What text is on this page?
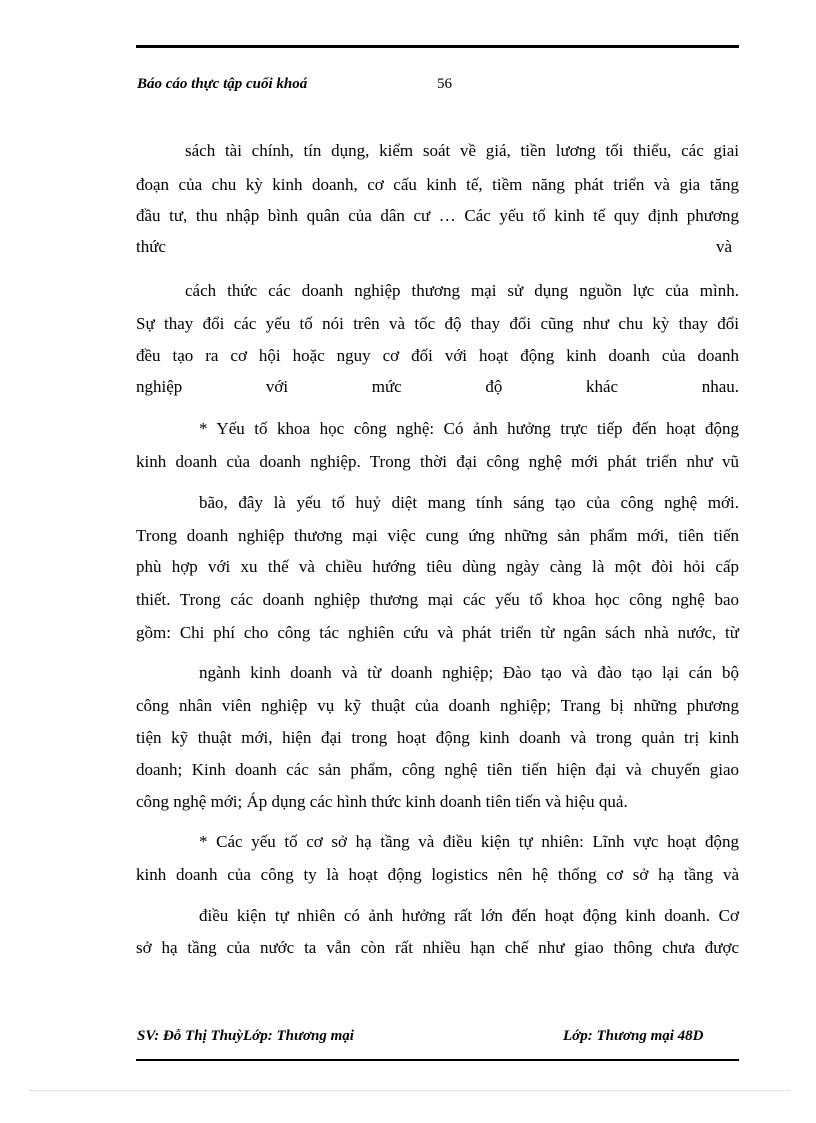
Báo cáo thực tập cuối khoá	56
sách tài chính, tín dụng, kiểm soát về giá, tiền lương tối thiểu, các giai
đoạn của chu kỳ kinh doanh, cơ cấu kinh tế, tiềm năng phát triển và gia tăng
đầu tư, thu nhập bình quân của dân cư … Các yếu tố kinh tế quy định phương
thức	và
cách thức các doanh nghiệp thương mại sử dụng nguồn lực của mình.
Sự thay đổi các yếu tố nói trên và tốc độ thay đổi cũng như chu kỳ thay đổi
đều tạo ra cơ hội hoặc nguy cơ đối với hoạt động kinh doanh của doanh
nghiệp với mức độ khác nhau.
* Yếu tố khoa học công nghệ: Có ảnh hưởng trực tiếp đến hoạt động
kinh doanh của doanh nghiệp. Trong thời đại công nghệ mới phát triển như vũ
bão, đây là yếu tố huỷ diệt mang tính sáng tạo của công nghệ mới.
Trong doanh nghiệp thương mại việc cung ứng những sản phẩm mới, tiên tiến
phù hợp với xu thế và chiều hướng tiêu dùng ngày càng là một đòi hỏi cấp
thiết. Trong các doanh nghiệp thương mại các yếu tố khoa học công nghệ bao
gồm: Chi phí cho công tác nghiên cứu và phát triển từ ngân sách nhà nước, từ
ngành kinh doanh và từ doanh nghiệp; Đào tạo và đào tạo lại cán bộ
công nhân viên nghiệp vụ kỹ thuật của doanh nghiệp; Trang bị những phương
tiện kỹ thuật mới, hiện đại trong hoạt động kinh doanh và trong quản trị kinh
doanh; Kinh doanh các sản phẩm, công nghệ tiên tiến hiện đại và chuyển giao
công nghệ mới; Áp dụng các hình thức kinh doanh tiên tiến và hiệu quả.
* Các yếu tố cơ sở hạ tầng và điều kiện tự nhiên: Lĩnh vực hoạt động
kinh doanh của công ty là hoạt động logistics nên hệ thống cơ sở hạ tầng và
điều kiện tự nhiên có ảnh hưởng rất lớn đến hoạt động kinh doanh. Cơ
sở hạ tầng của nước ta vẫn còn rất nhiều hạn chế như giao thông chưa được
SV: Đỗ Thị ThuỳLớp: Thương mại	Lớp: Thương mại 48D
